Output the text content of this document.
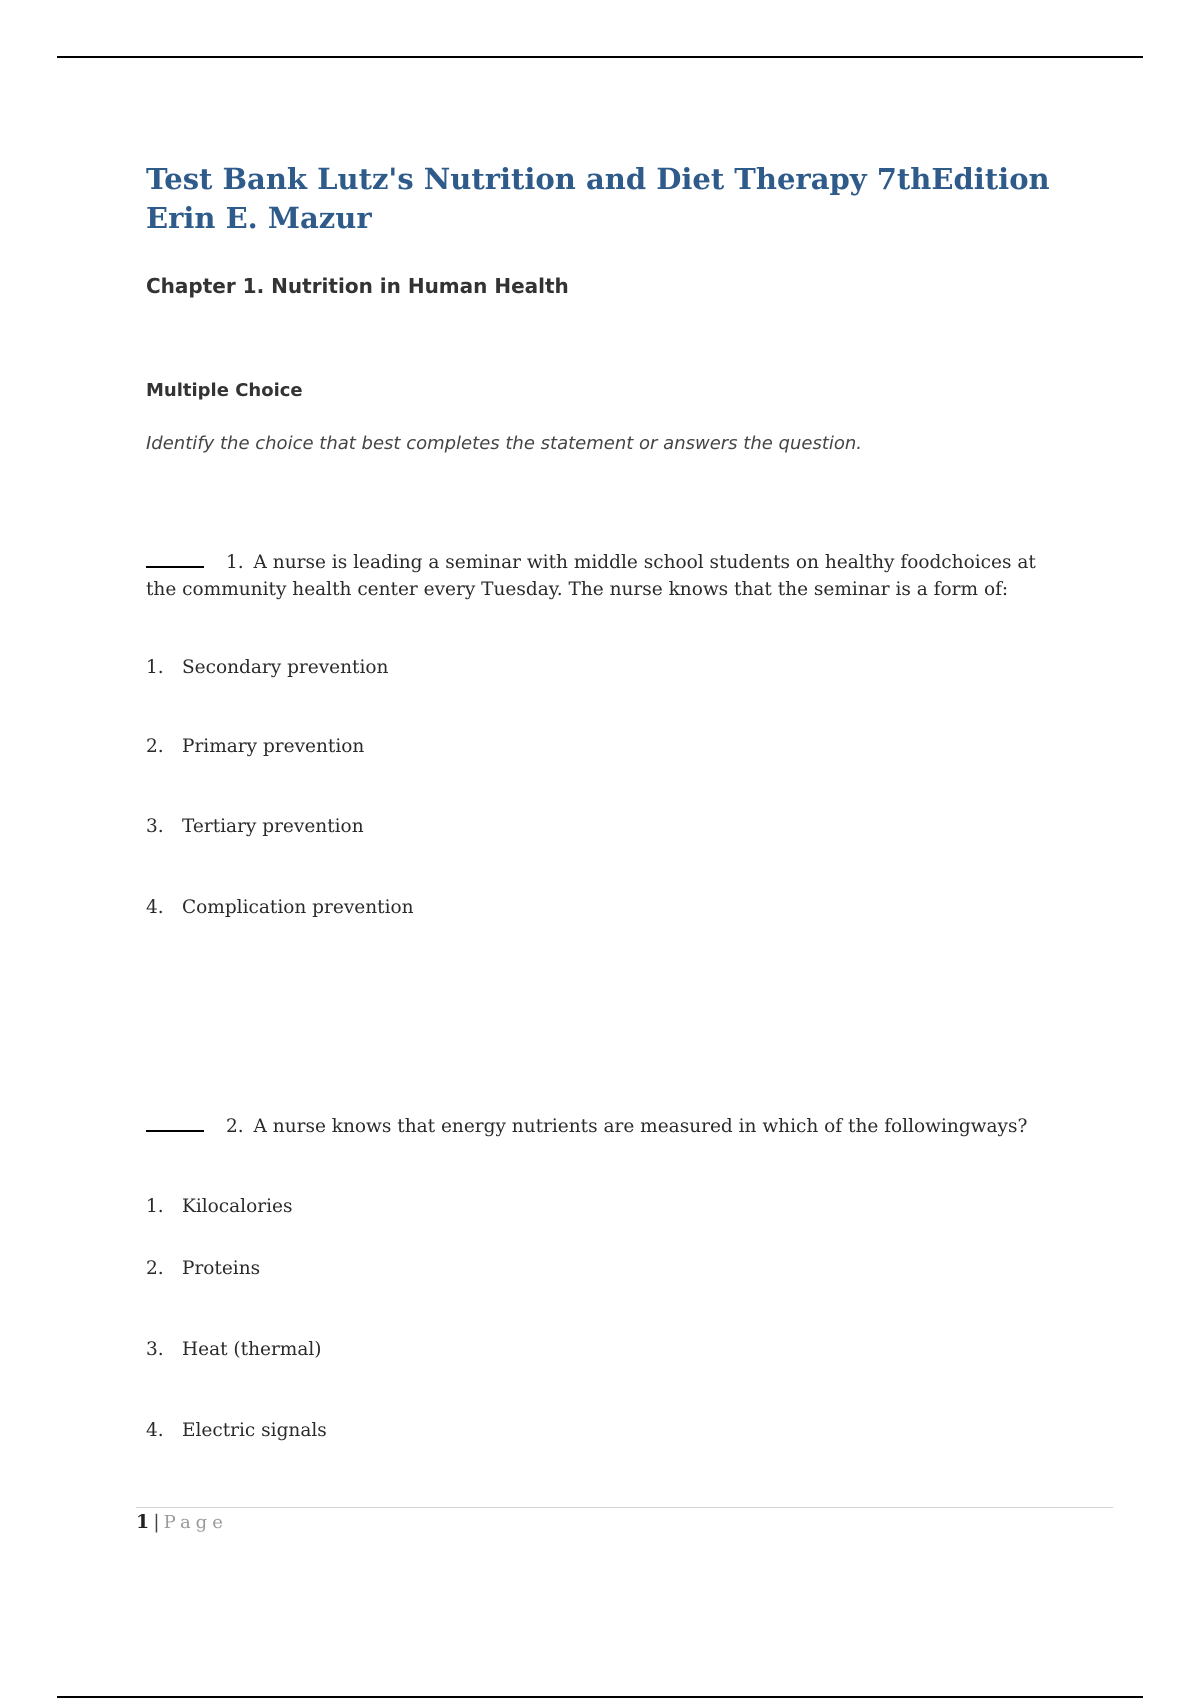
Test Bank Lutz's Nutrition and Diet Therapy 7thEdition Erin E. Mazur
Chapter 1. Nutrition in Human Health
Multiple Choice

Identify the choice that best completes the statement or answers the question.

1. A nurse is leading a seminar with middle school students on healthy foodchoices at the community health center every Tuesday. The nurse knows that the seminar is a form of:

1. Secondary prevention
2. Primary prevention
3. Tertiary prevention
4. Complication prevention

2. A nurse knows that energy nutrients are measured in which of the followingways?

1. Kilocalories
2. Proteins
3. Heat (thermal)
4. Electric signals

1 | Page
